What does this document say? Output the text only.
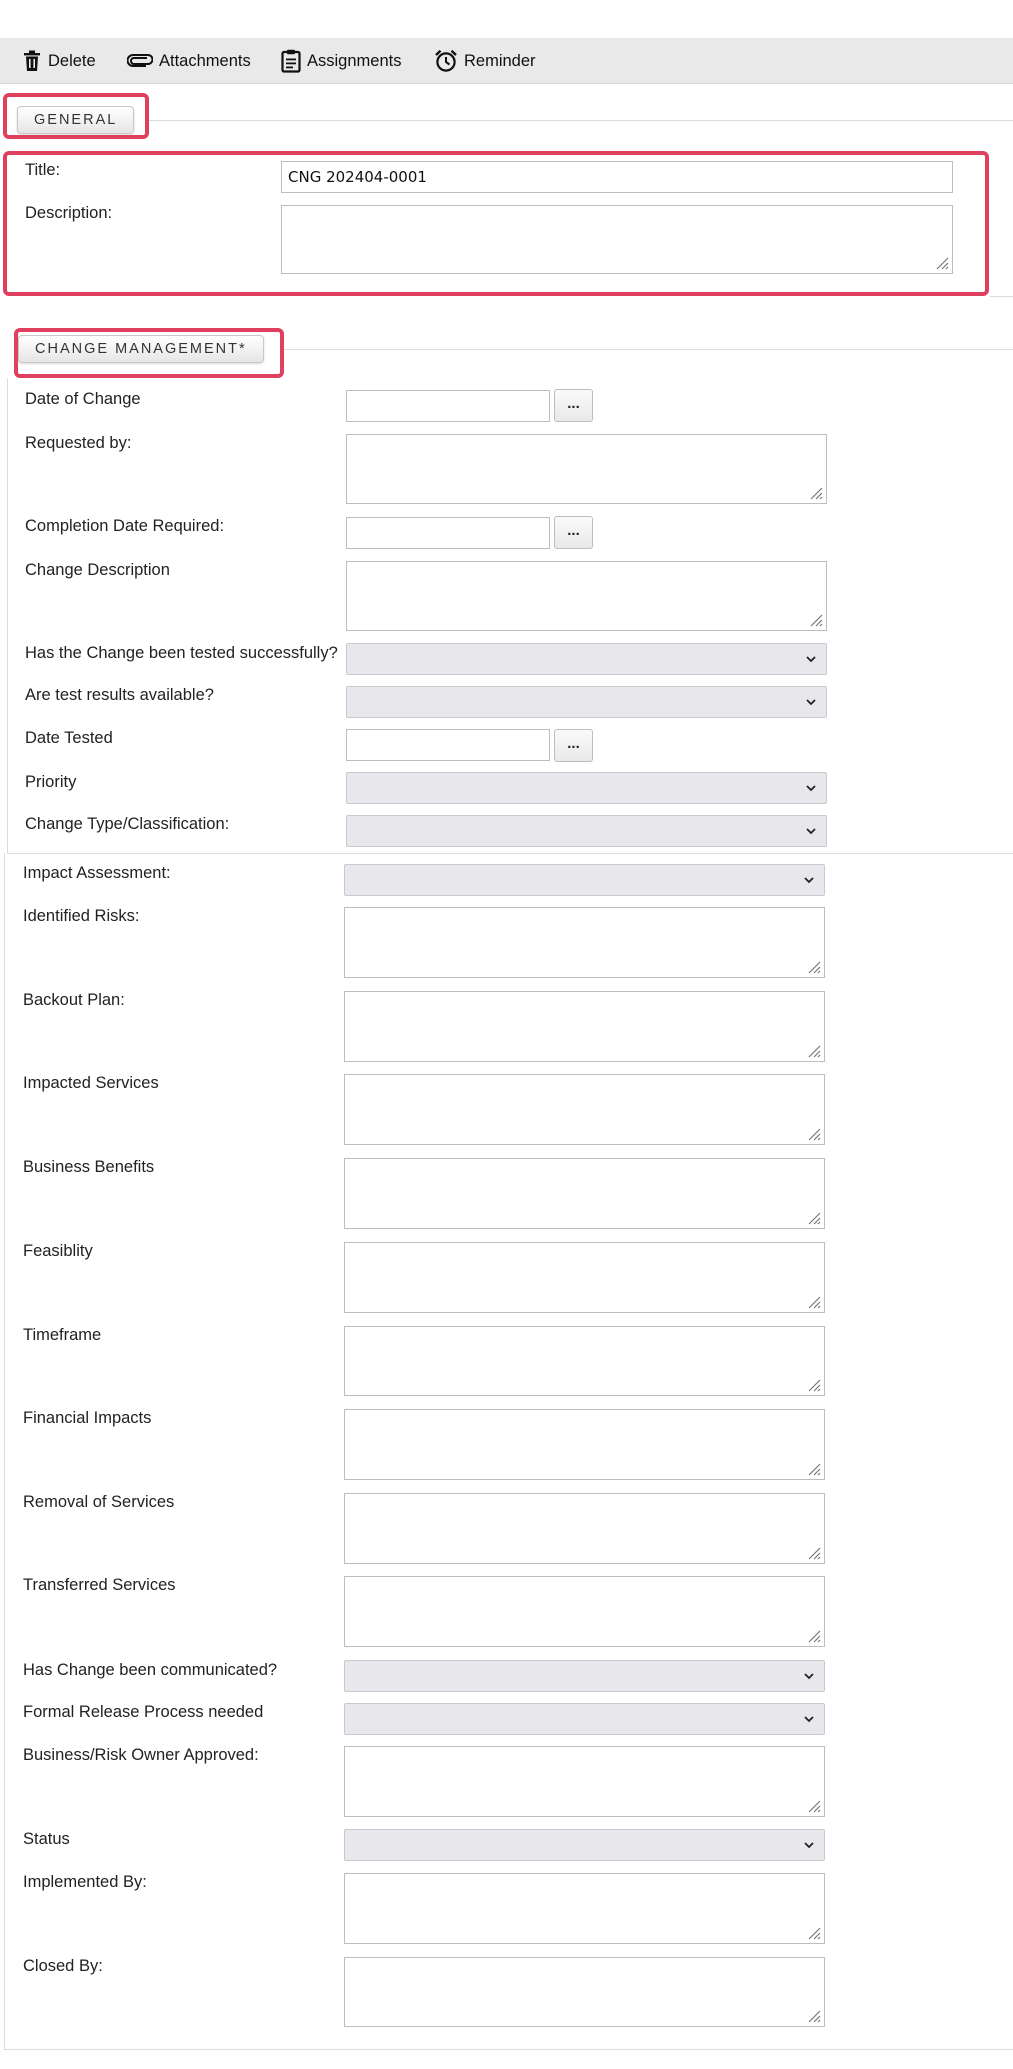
Delete	Attachments	Assignments	Reminder
GENERAL
Title:
CNG 202404-0001
Description:
CHANGE MANAGEMENT*
Date of Change	...
Requested by:
Completion Date Required:	...
Change Description
Has the Change been tested successfully?
Are test results available?
Date Tested	...
Priority
Change Type/Classification:
Impact Assessment:
Identified Risks:
Backout Plan:
Impacted Services
Business Benefits
Feasiblity
Timeframe
Financial Impacts
Removal of Services
Transferred Services
Has Change been communicated?
Formal Release Process needed
Business/Risk Owner Approved:
Status
Implemented By:
Closed By:
